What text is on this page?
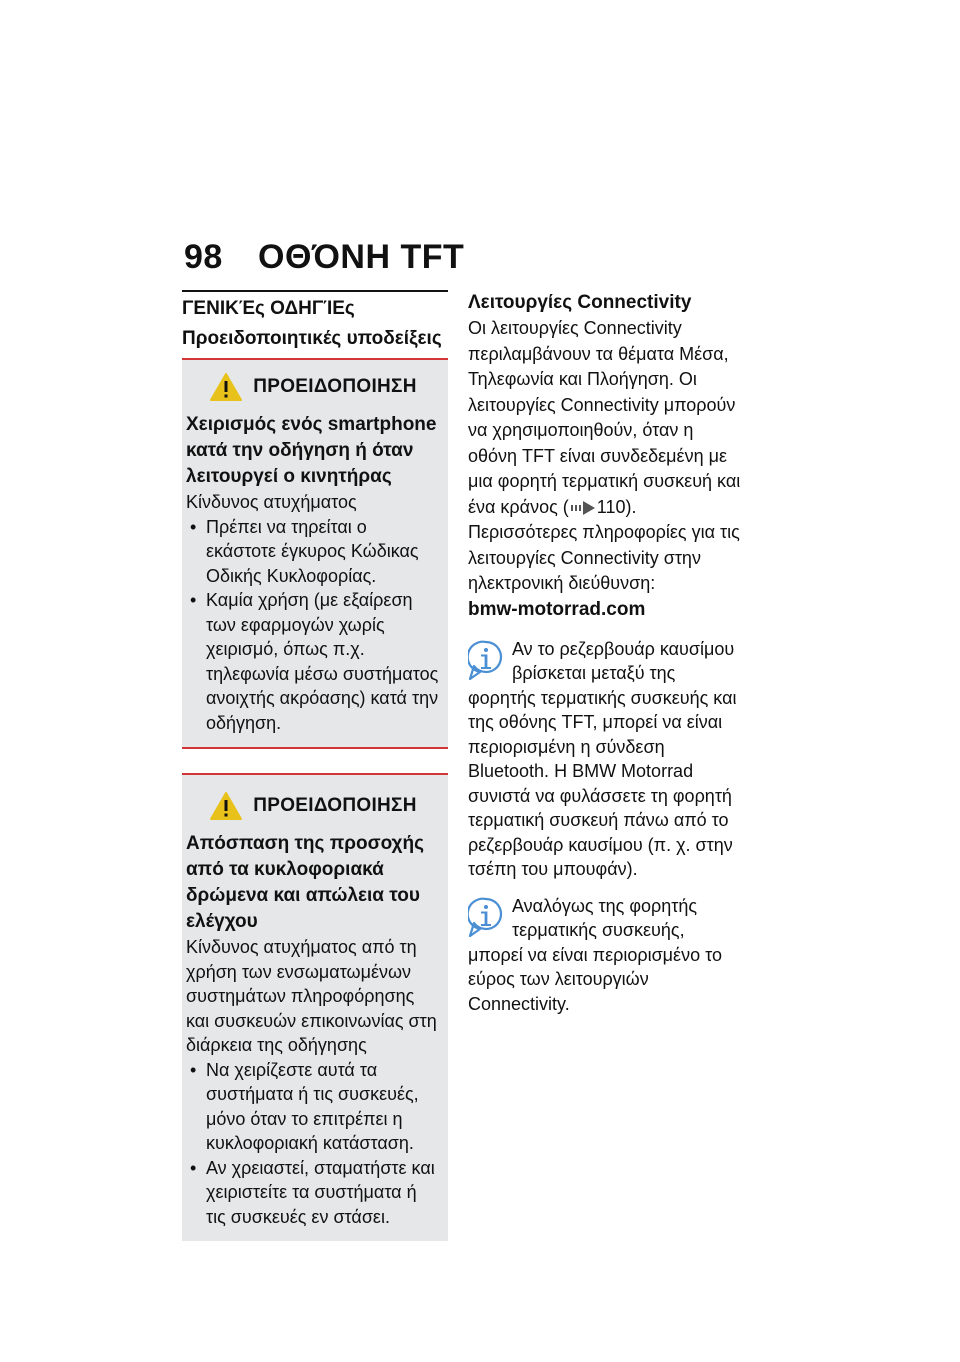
98	ΟΘΌΝΗ TFT
ΓΕΝΙΚΈς ΟΔΗΓΊΕς
Προειδοποιητικές υποδείξεις
ΠΡΟΕΙΔΟΠΟΙΗΣΗ
Χειρισμός ενός smartphone κατά την οδήγηση ή όταν λειτουργεί ο κινητήρας
Κίνδυνος ατυχήματος
• Πρέπει να τηρείται ο εκάστοτε έγκυρος Κώδικας Οδικής Κυκλοφορίας.
• Καμία χρήση (με εξαίρεση των εφαρμογών χωρίς χειρισμό, όπως π.χ. τηλεφωνία μέσω συστήματος ανοιχτής ακρόασης) κατά την οδήγηση.
ΠΡΟΕΙΔΟΠΟΙΗΣΗ
Απόσπαση της προσοχής από τα κυκλοφοριακά δρώμενα και απώλεια του ελέγχου
Κίνδυνος ατυχήματος από τη χρήση των ενσωματωμένων συστημάτων πληροφόρησης και συσκευών επικοινωνίας στη διάρκεια της οδήγησης
• Να χειρίζεστε αυτά τα συστήματα ή τις συσκευές, μόνο όταν το επιτρέπει η κυκλοφοριακή κατάσταση.
• Αν χρειαστεί, σταματήστε και χειριστείτε τα συστήματα ή τις συσκευές εν στάσει.
Λειτουργίες Connectivity
Οι λειτουργίες Connectivity περιλαμβάνουν τα θέματα Μέσα, Τηλεφωνία και Πλοήγηση. Οι λειτουργίες Connectivity μπορούν να χρησιμοποιηθούν, όταν η οθόνη TFT είναι συνδεδεμένη με μια φορητή τερματική συσκευή και ένα κράνος ( 110). Περισσότερες πληροφορίες για τις λειτουργίες Connectivity στην ηλεκτρονική διεύθυνση:
bmw-motorrad.com
Αν το ρεζερβουάρ καυσίμου βρίσκεται μεταξύ της φορητής τερματικής συσκευής και της οθόνης TFT, μπορεί να είναι περιορισμένη η σύνδεση Bluetooth. Η BMW Motorrad συνιστά να φυλάσσετε τη φορητή τερματική συσκευή πάνω από το ρεζερβουάρ καυσίμου (π. χ. στην τσέπη του μπουφάν).
Αναλόγως της φορητής τερματικής συσκευής, μπορεί να είναι περιορισμένο το εύρος των λειτουργιών Connectivity.
